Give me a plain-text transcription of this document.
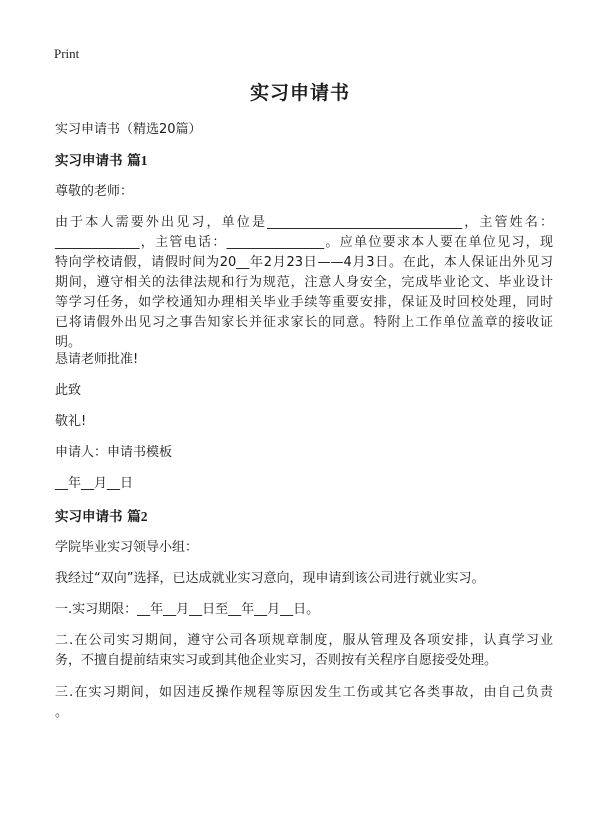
Print
实习申请书
实习申请书（精选20篇）
实习申请书 篇1
尊敬的老师：
由于本人需要外出见习，单位是______________________________，主管姓名：
_____________，主管电话：_______________。应单位要求本人要在单位见习，现
特向学校请假，请假时间为20__年2月23日——4月3日。在此，本人保证出外见习
期间，遵守相关的法律法规和行为规范，注意人身安全，完成毕业论文、毕业设计
等学习任务，如学校通知办理相关毕业手续等重要安排，保证及时回校处理，同时
已将请假外出见习之事告知家长并征求家长的同意。特附上工作单位盖章的接收证
明。
恳请老师批准!
此致
敬礼!
申请人：申请书模板
__年__月__日
实习申请书 篇2
学院毕业实习领导小组：
我经过“双向”选择，已达成就业实习意向，现申请到该公司进行就业实习。
一.实习期限：__年__月__日至__年__月__日。
二.在公司实习期间，遵守公司各项规章制度，服从管理及各项安排，认真学习业
务，不擅自提前结束实习或到其他企业实习，否则按有关程序自愿接受处理。
三.在实习期间，如因违反操作规程等原因发生工伤或其它各类事故，由自己负责
。
